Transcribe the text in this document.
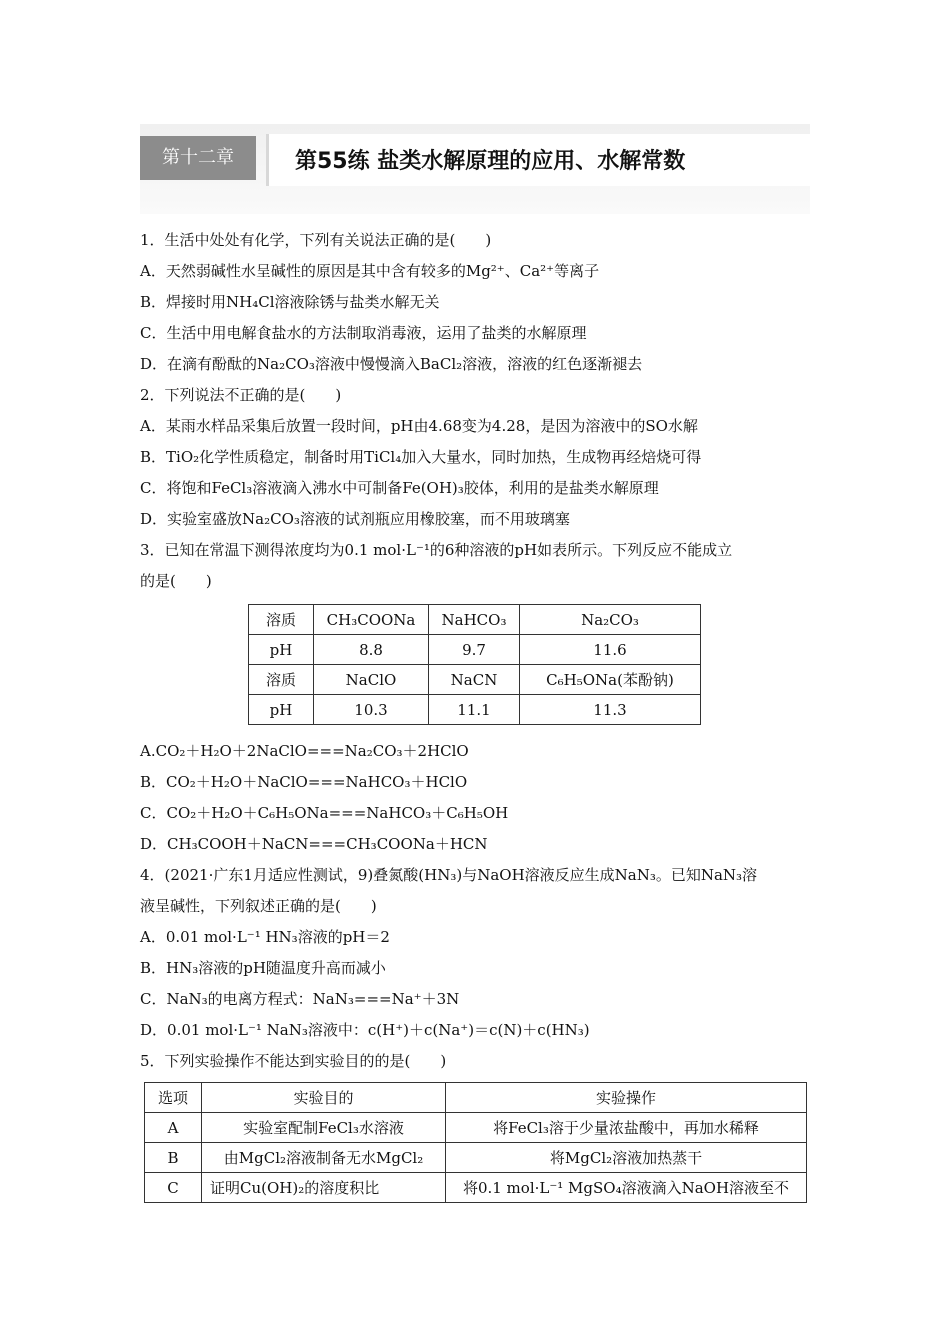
第十二章	第55练 盐类水解原理的应用、水解常数
1．生活中处处有化学，下列有关说法正确的是(　　)
A．天然弱碱性水呈碱性的原因是其中含有较多的Mg²⁺、Ca²⁺等离子
B．焊接时用NH₄Cl溶液除锈与盐类水解无关
C．生活中用电解食盐水的方法制取消毒液，运用了盐类的水解原理
D．在滴有酚酞的Na₂CO₃溶液中慢慢滴入BaCl₂溶液，溶液的红色逐渐褪去
2．下列说法不正确的是(　　)
A．某雨水样品采集后放置一段时间，pH由4.68变为4.28，是因为溶液中的SO水解
B．TiO₂化学性质稳定，制备时用TiCl₄加入大量水，同时加热，生成物再经焙烧可得
C．将饱和FeCl₃溶液滴入沸水中可制备Fe(OH)₃胶体，利用的是盐类水解原理
D．实验室盛放Na₂CO₃溶液的试剂瓶应用橡胶塞，而不用玻璃塞
3．已知在常温下测得浓度均为0.1 mol·L⁻¹的6种溶液的pH如表所示。下列反应不能成立
的是(　　)
溶质	CH₃COONa	NaHCO₃	Na₂CO₃
pH	8.8	9.7	11.6
溶质	NaClO	NaCN	C₆H₅ONa(苯酚钠)
pH	10.3	11.1	11.3
A.CO₂＋H₂O＋2NaClO===Na₂CO₃＋2HClO
B．CO₂＋H₂O＋NaClO===NaHCO₃＋HClO
C．CO₂＋H₂O＋C₆H₅ONa===NaHCO₃＋C₆H₅OH
D．CH₃COOH＋NaCN===CH₃COONa＋HCN
4．(2021·广东1月适应性测试，9)叠氮酸(HN₃)与NaOH溶液反应生成NaN₃。已知NaN₃溶
液呈碱性，下列叙述正确的是(　　)
A．0.01 mol·L⁻¹ HN₃溶液的pH＝2
B．HN₃溶液的pH随温度升高而减小
C．NaN₃的电离方程式：NaN₃===Na⁺＋3N
D．0.01 mol·L⁻¹ NaN₃溶液中：c(H⁺)＋c(Na⁺)＝c(N)＋c(HN₃)
5．下列实验操作不能达到实验目的的是(　　)
选项	实验目的	实验操作
A	实验室配制FeCl₃水溶液	将FeCl₃溶于少量浓盐酸中，再加水稀释
B	由MgCl₂溶液制备无水MgCl₂	将MgCl₂溶液加热蒸干
C	证明Cu(OH)₂的溶度积比	将0.1 mol·L⁻¹ MgSO₄溶液滴入NaOH溶液至不
